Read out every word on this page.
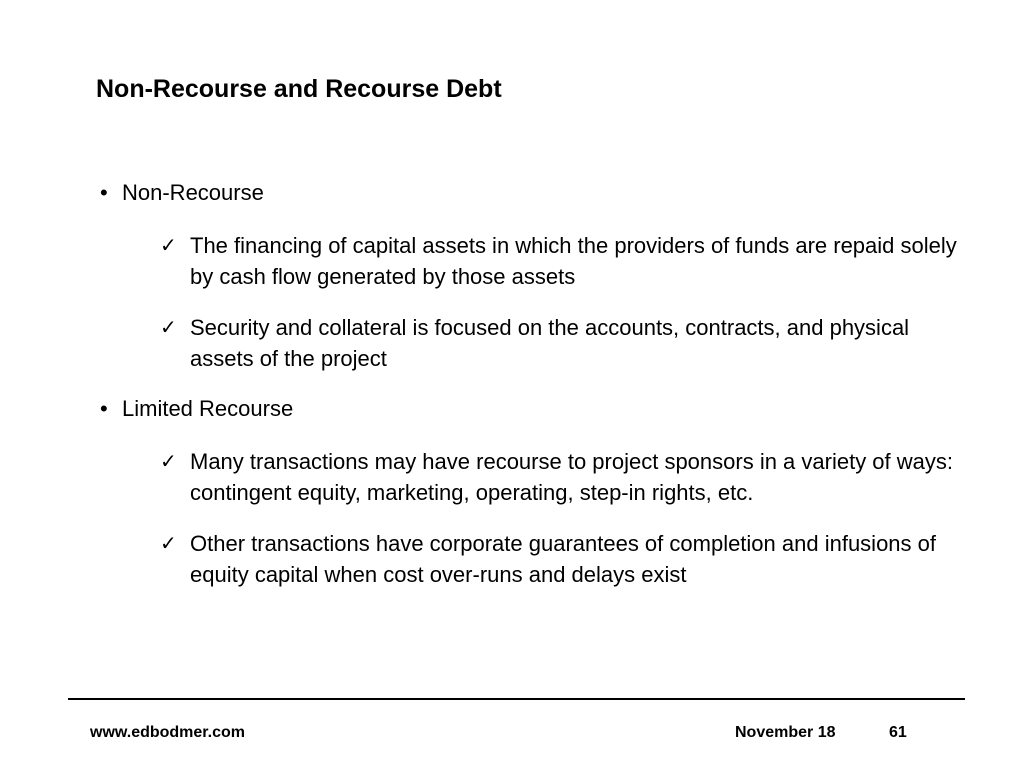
Non-Recourse and Recourse Debt
• Non-Recourse
✓ The financing of capital assets in which the providers of funds are repaid solely by cash flow generated by those assets
✓ Security and collateral is focused on the accounts, contracts, and physical assets of the project
• Limited Recourse
✓ Many transactions may have recourse to project sponsors in a variety of ways: contingent equity, marketing, operating, step-in rights, etc.
✓ Other transactions have corporate guarantees of completion and infusions of equity capital when cost over-runs and delays exist
www.edbodmer.com	November 18	61
